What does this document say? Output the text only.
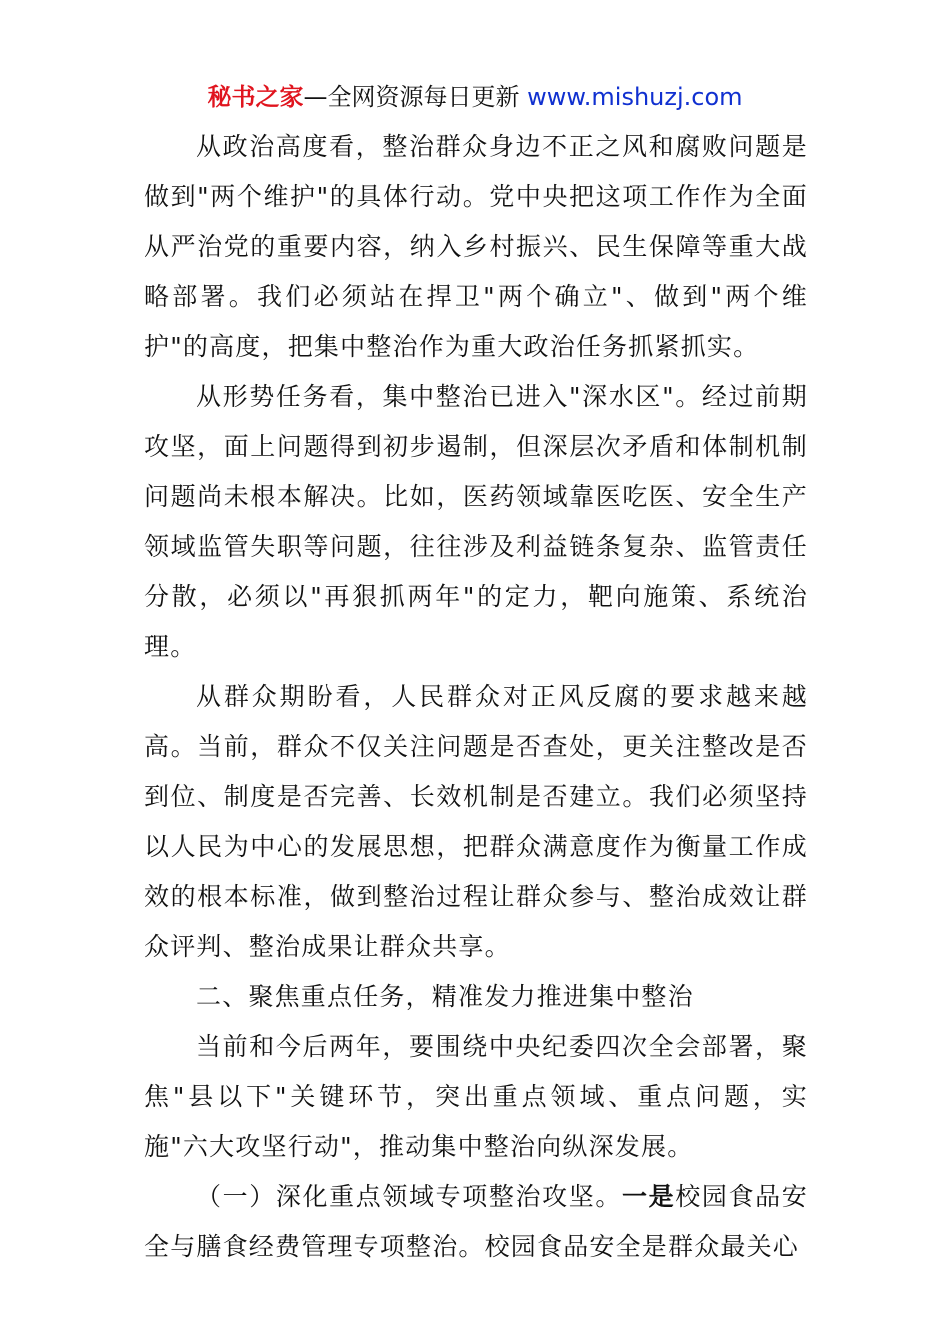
秘书之家—全网资源每日更新 www.mishuzj.com

从政治高度看，整治群众身边不正之风和腐败问题是做到"两个维护"的具体行动。党中央把这项工作作为全面从严治党的重要内容，纳入乡村振兴、民生保障等重大战略部署。我们必须站在捍卫"两个确立"、做到"两个维护"的高度，把集中整治作为重大政治任务抓紧抓实。

从形势任务看，集中整治已进入"深水区"。经过前期攻坚，面上问题得到初步遏制，但深层次矛盾和体制机制问题尚未根本解决。比如，医药领域靠医吃医、安全生产领域监管失职等问题，往往涉及利益链条复杂、监管责任分散，必须以"再狠抓两年"的定力，靶向施策、系统治理。

从群众期盼看，人民群众对正风反腐的要求越来越高。当前，群众不仅关注问题是否查处，更关注整改是否到位、制度是否完善、长效机制是否建立。我们必须坚持以人民为中心的发展思想，把群众满意度作为衡量工作成效的根本标准，做到整治过程让群众参与、整治成效让群众评判、整治成果让群众共享。

二、聚焦重点任务，精准发力推进集中整治

当前和今后两年，要围绕中央纪委四次全会部署，聚焦"县以下"关键环节，突出重点领域、重点问题，实施"六大攻坚行动"，推动集中整治向纵深发展。

（一）深化重点领域专项整治攻坚。一是校园食品安全与膳食经费管理专项整治。校园食品安全是群众最关心
